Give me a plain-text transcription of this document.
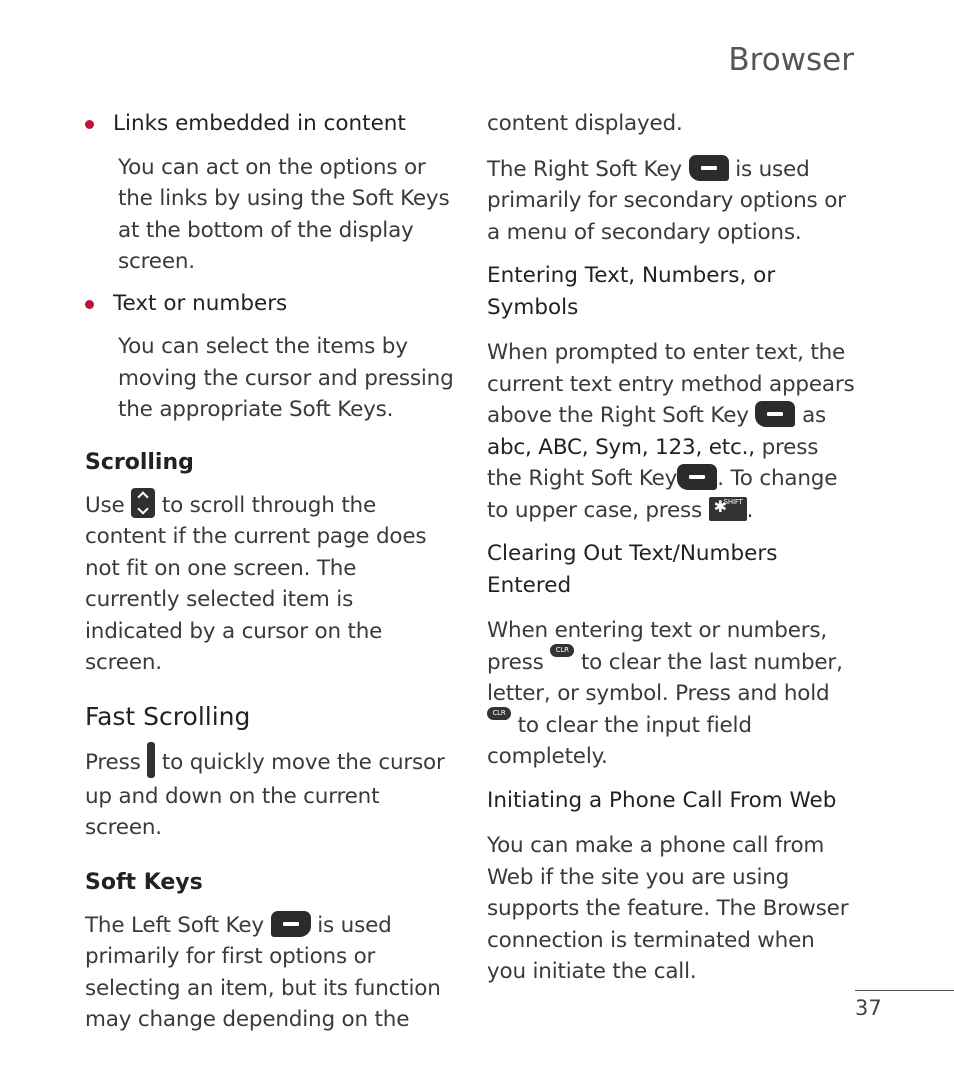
Browser
Links embedded in content

You can act on the options or the links by using the Soft Keys at the bottom of the display screen.

Text or numbers

You can select the items by moving the cursor and pressing the appropriate Soft Keys.

Scrolling

Use to scroll through the content if the current page does not fit on one screen. The currently selected item is indicated by a cursor on the screen.

Fast Scrolling

Press to quickly move the cursor up and down on the current screen.

Soft Keys

The Left Soft Key is used primarily for first options or selecting an item, but its function may change depending on the

content displayed.

The Right Soft Key is used primarily for secondary options or a menu of secondary options.

Entering Text, Numbers, or Symbols

When prompted to enter text, the current text entry method appears above the Right Soft Key as abc, ABC, Sym, 123, etc., press the Right Soft Key . To change to upper case, press ✱
SHIFT .

Clearing Out Text/Numbers Entered

When entering text or numbers, press CLR to clear the last number, letter, or symbol. Press and hold CLR to clear the input field completely.

Initiating a Phone Call From Web

You can make a phone call from Web if the site you are using supports the feature. The Browser connection is terminated when you initiate the call.

37
